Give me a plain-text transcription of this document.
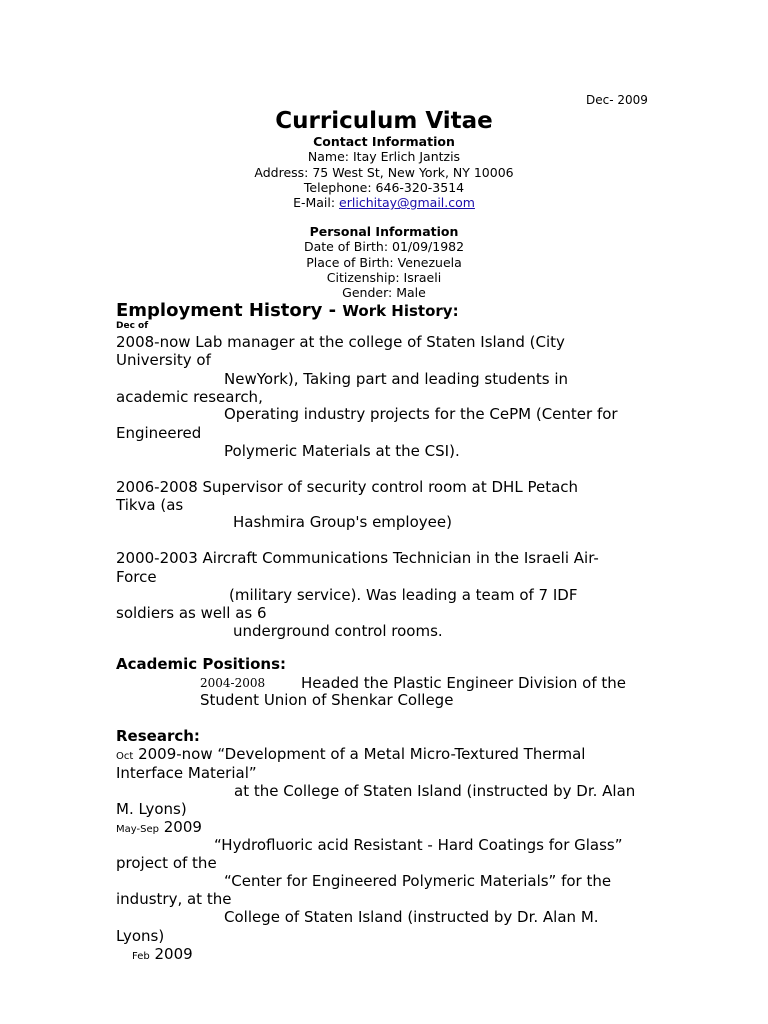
Dec- 2009
Curriculum Vitae
Contact Information
Name: Itay Erlich Jantzis
Address: 75 West St, New York, NY 10006
Telephone: 646-320-3514
E-Mail: erlichitay@gmail.com
Personal Information
Date of Birth: 01/09/1982
Place of Birth: Venezuela
Citizenship: Israeli
Gender: Male
Employment History - Work History:
Dec of
2008-now Lab manager at the college of Staten Island (City
University of
NewYork), Taking part and leading students in
academic research,
Operating industry projects for the CePM (Center for
Engineered
Polymeric Materials at the CSI).
2006-2008 Supervisor of security control room at DHL Petach
Tikva (as
Hashmira Group's employee)
2000-2003 Aircraft Communications Technician in the Israeli Air-
Force
(military service). Was leading a team of 7 IDF
soldiers as well as 6
underground control rooms.
Academic Positions:
2004-2008 Headed the Plastic Engineer Division of the
Student Union of Shenkar College
Research:
Oct 2009-now “Development of a Metal Micro-Textured Thermal
Interface Material”
at the College of Staten Island (instructed by Dr. Alan
M. Lyons)
May-Sep 2009
“Hydrofluoric acid Resistant - Hard Coatings for Glass”
project of the
“Center for Engineered Polymeric Materials” for the
industry, at the
College of Staten Island (instructed by Dr. Alan M.
Lyons)
Feb 2009
